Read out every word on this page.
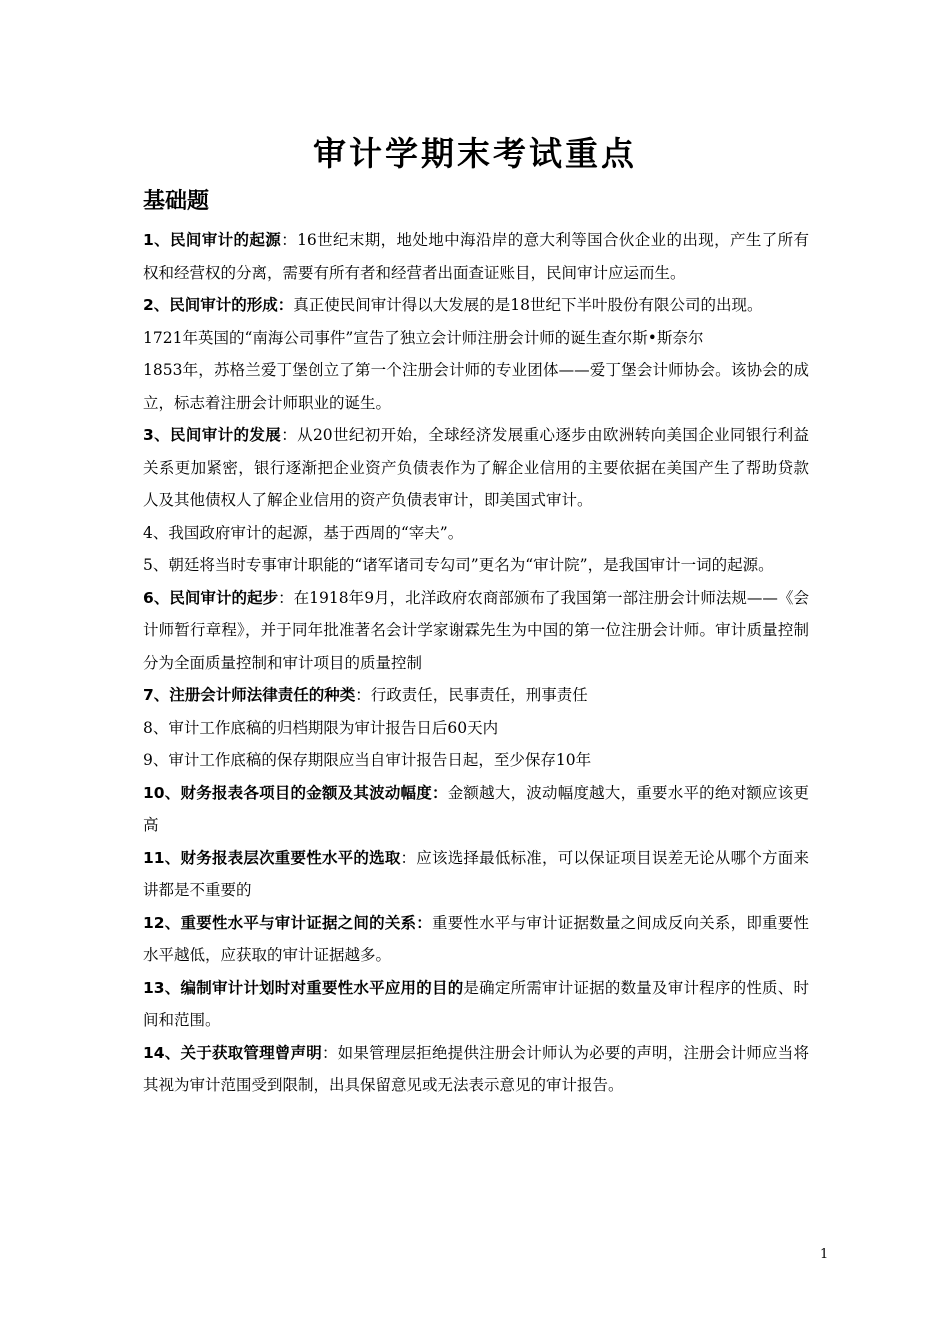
审计学期末考试重点
基础题

1、民间审计的起源：16世纪末期，地处地中海沿岸的意大利等国合伙企业的出现，产生了所有权和经营权的分离，需要有所有者和经营者出面查证账目，民间审计应运而生。

2、民间审计的形成：真正使民间审计得以大发展的是18世纪下半叶股份有限公司的出现。

1721年英国的“南海公司事件”宣告了独立会计师注册会计师的诞生查尔斯•斯奈尔

1853年，苏格兰爱丁堡创立了第一个注册会计师的专业团体——爱丁堡会计师协会。该协会的成立，标志着注册会计师职业的诞生。

3、民间审计的发展：从20世纪初开始，全球经济发展重心逐步由欧洲转向美国企业同银行利益关系更加紧密，银行逐渐把企业资产负债表作为了解企业信用的主要依据在美国产生了帮助贷款人及其他债权人了解企业信用的资产负债表审计，即美国式审计。

4、我国政府审计的起源，基于西周的“宰夫”。

5、朝廷将当时专事审计职能的“诸军诸司专勾司”更名为“审计院”，是我国审计一词的起源。

6、民间审计的起步：在1918年9月，北洋政府农商部颁布了我国第一部注册会计师法规——《会计师暂行章程》，并于同年批准著名会计学家谢霖先生为中国的第一位注册会计师。审计质量控制分为全面质量控制和审计项目的质量控制

7、注册会计师法律责任的种类：行政责任，民事责任，刑事责任

8、审计工作底稿的归档期限为审计报告日后60天内

9、审计工作底稿的保存期限应当自审计报告日起，至少保存10年

10、财务报表各项目的金额及其波动幅度：金额越大，波动幅度越大，重要水平的绝对额应该更高

11、财务报表层次重要性水平的选取：应该选择最低标准，可以保证项目误差无论从哪个方面来讲都是不重要的

12、重要性水平与审计证据之间的关系：重要性水平与审计证据数量之间成反向关系，即重要性水平越低，应获取的审计证据越多。

13、编制审计计划时对重要性水平应用的目的是确定所需审计证据的数量及审计程序的性质、时间和范围。

14、关于获取管理曾声明：如果管理层拒绝提供注册会计师认为必要的声明，注册会计师应当将其视为审计范围受到限制，出具保留意见或无法表示意见的审计报告。

1
